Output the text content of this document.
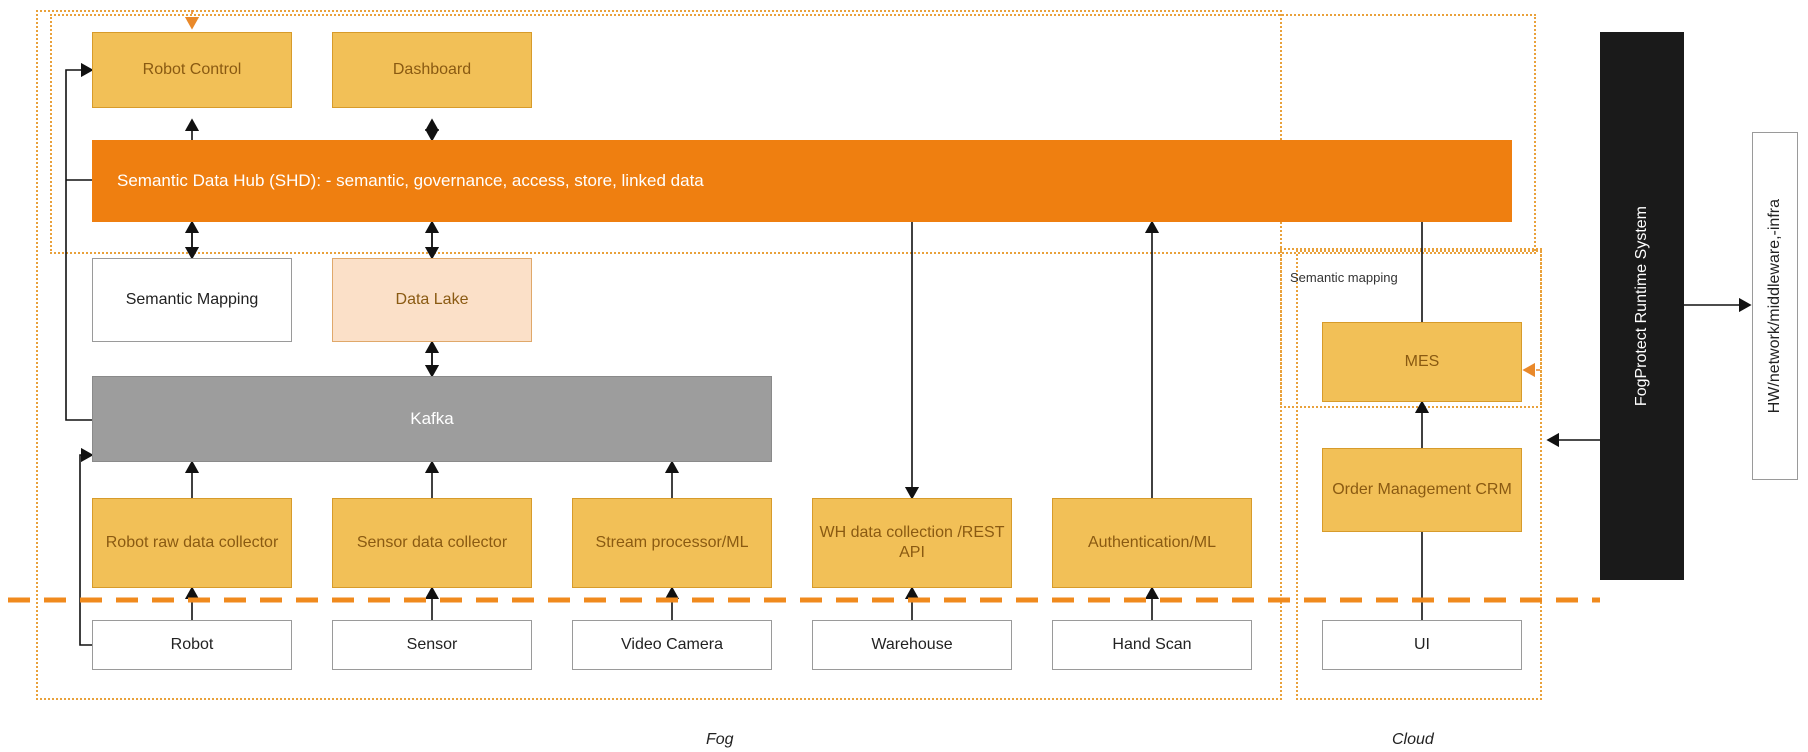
Fog	Cloud
Semantic mapping
Robot Control	Dashboard
Semantic Data Hub (SHD): - semantic, governance, access, store, linked data
Semantic Mapping	Data Lake
Kafka
Robot raw data collector	Sensor data collector	Stream processor/ML
WH data collection /REST API
Authentication/ML
MES
Order Management CRM
Robot	Sensor	Video Camera	Warehouse	Hand Scan	UI
FogProtect Runtime System	HW/network/middleware,-infra
